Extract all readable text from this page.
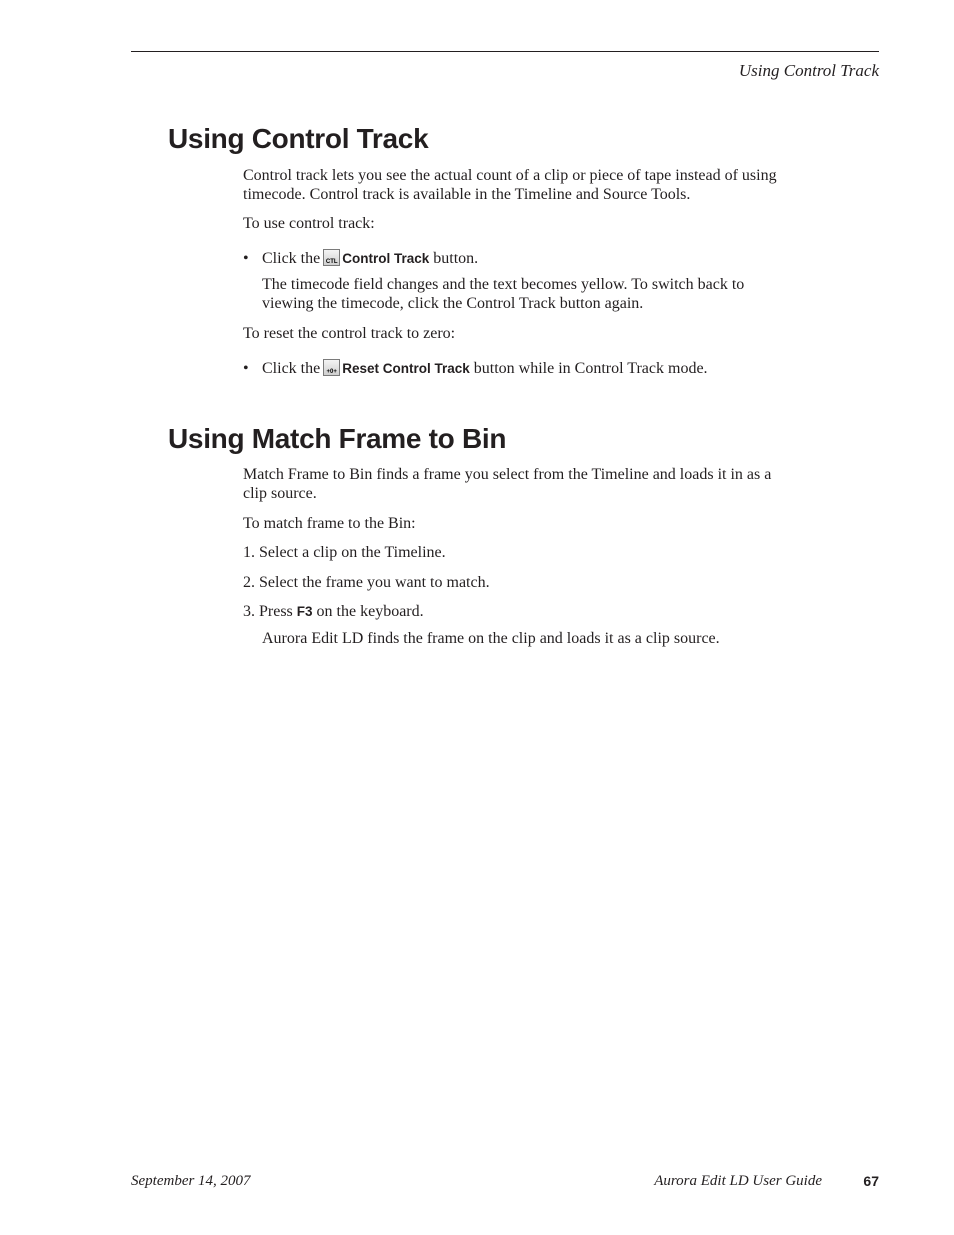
Using Control Track
Using Control Track

Control track lets you see the actual count of a clip or piece of tape instead of using

timecode. Control track is available in the Timeline and Source Tools.

To use control track:

• Click the CTL Control Track button.

The timecode field changes and the text becomes yellow. To switch back to

viewing the timecode, click the Control Track button again.

To reset the control track to zero:

• Click the	+0+ Reset Control Track button while in Control Track mode.
Using Match Frame to Bin

Match Frame to Bin finds a frame you select from the Timeline and loads it in as a

clip source.

To match frame to the Bin:

1. Select a clip on the Timeline.

2. Select the frame you want to match.

3. Press F3 on the keyboard.

Aurora Edit LD finds the frame on the clip and loads it as a clip source.

September 14, 2007	Aurora Edit LD User Guide	67
